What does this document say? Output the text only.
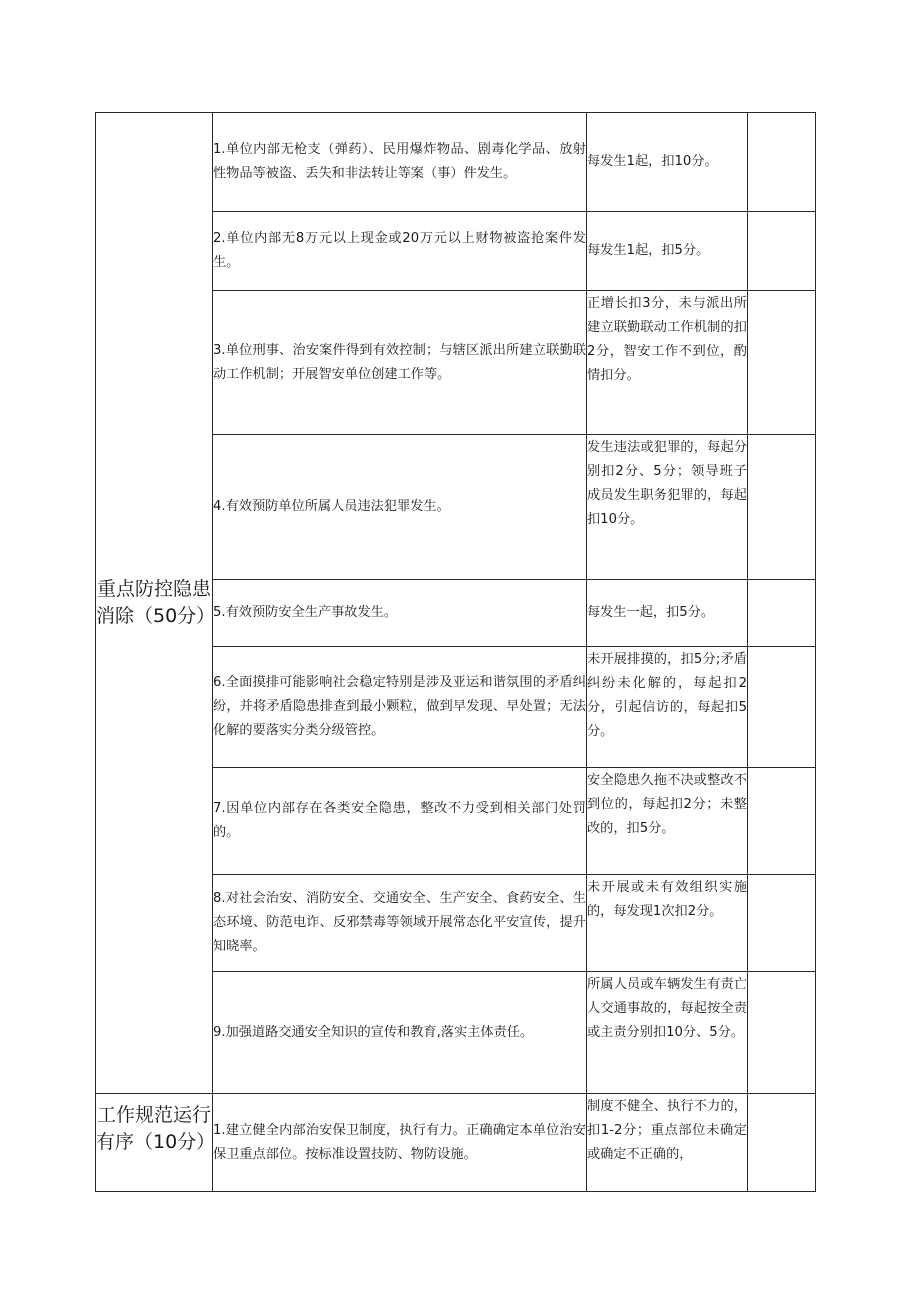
重点防控隐患消除（50分）	1.单位内部无枪支（弹药）、民用爆炸物品、剧毒化学品、放射性物品等被盗、丢失和非法转让等案（事）件发生。	每发生1起，扣10分。	
	2.单位内部无8万元以上现金或20万元以上财物被盗抢案件发生。	每发生1起，扣5分。	
	3.单位刑事、治安案件得到有效控制；与辖区派出所建立联勤联动工作机制；开展智安单位创建工作等。	正增长扣3分，未与派出所建立联勤联动工作机制的扣2分，智安工作不到位，酌情扣分。	
	4.有效预防单位所属人员违法犯罪发生。	发生违法或犯罪的，每起分别扣2分、5分；领导班子成员发生职务犯罪的，每起扣10分。	
	5.有效预防安全生产事故发生。	每发生一起，扣5分。	
	6.全面摸排可能影响社会稳定特别是涉及亚运和谐氛围的矛盾纠纷，并将矛盾隐患排查到最小颗粒，做到早发现、早处置；无法化解的要落实分类分级管控。	未开展排摸的，扣5分;矛盾纠纷未化解的，每起扣2分，引起信访的，每起扣5分。	
	7.因单位内部存在各类安全隐患，整改不力受到相关部门处罚的。	安全隐患久拖不决或整改不到位的，每起扣2分；未整改的，扣5分。	
	8.对社会治安、消防安全、交通安全、生产安全、食药安全、生态环境、防范电诈、反邪禁毒等领域开展常态化平安宣传，提升知晓率。	未开展或未有效组织实施的，每发现1次扣2分。	
	9.加强道路交通安全知识的宣传和教育,落实主体责任。	所属人员或车辆发生有责亡人交通事故的，每起按全责或主责分别扣10分、5分。	
工作规范运行有序（10分）	1.建立健全内部治安保卫制度，执行有力。正确确定本单位治安保卫重点部位。按标准设置技防、物防设施。	制度不健全、执行不力的，扣1-2分；重点部位未确定或确定不正确的，	
